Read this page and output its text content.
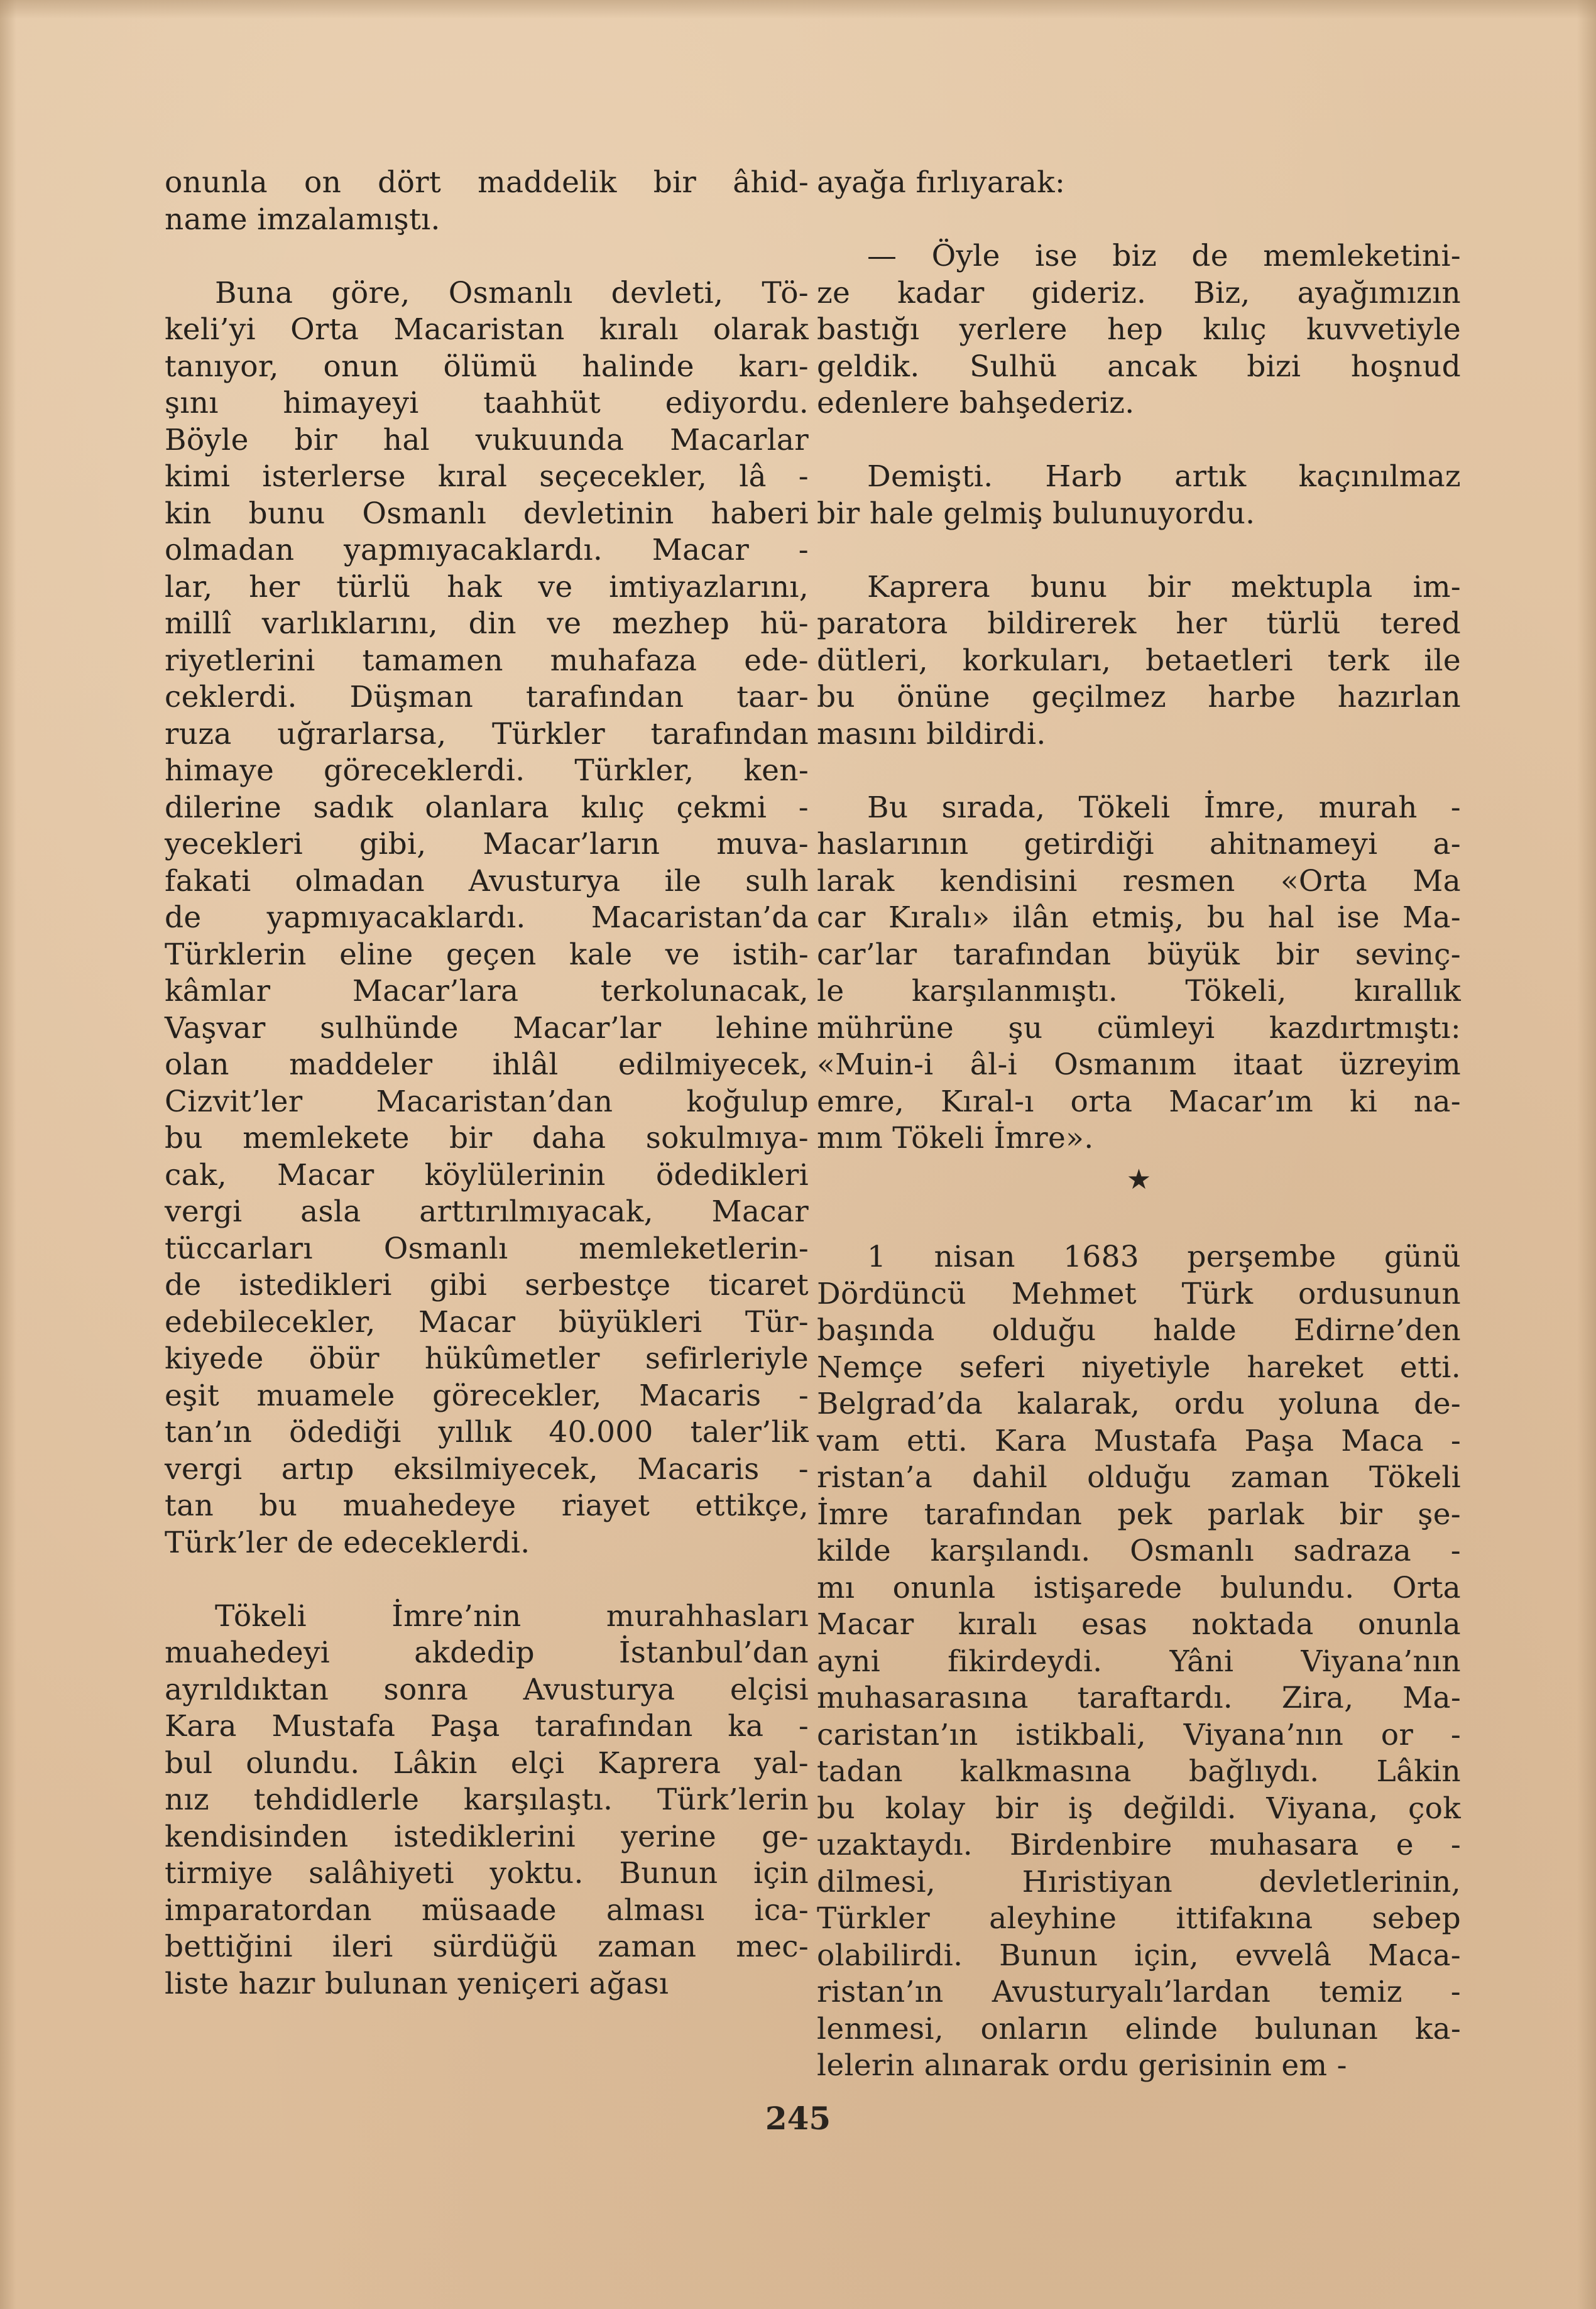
onunla on dört maddelik bir âhid-
name imzalamıştı.
Buna göre, Osmanlı devleti, Tö-
keli’yi Orta Macaristan kıralı olarak
tanıyor, onun ölümü halinde karı-
şını himayeyi taahhüt ediyordu.
Böyle bir hal vukuunda Macarlar
kimi isterlerse kıral seçecekler, lâ -
kin bunu Osmanlı devletinin haberi
olmadan yapmıyacaklardı. Macar -
lar, her türlü hak ve imtiyazlarını,
millî varlıklarını, din ve mezhep hü-
riyetlerini tamamen muhafaza ede-
ceklerdi. Düşman tarafından taar-
ruza uğrarlarsa, Türkler tarafından
himaye göreceklerdi. Türkler, ken-
dilerine sadık olanlara kılıç çekmi -
yecekleri gibi, Macar’ların muva-
fakati olmadan Avusturya ile sulh
de yapmıyacaklardı. Macaristan’da
Türklerin eline geçen kale ve istih-
kâmlar Macar’lara terkolunacak,
Vaşvar sulhünde Macar’lar lehine
olan maddeler ihlâl edilmiyecek,
Cizvit’ler Macaristan’dan koğulup
bu memlekete bir daha sokulmıya-
cak, Macar köylülerinin ödedikleri
vergi asla arttırılmıyacak, Macar
tüccarları Osmanlı memleketlerin-
de istedikleri gibi serbestçe ticaret
edebilecekler, Macar büyükleri Tür-
kiyede öbür hükûmetler sefirleriyle
eşit muamele görecekler, Macaris -
tan’ın ödediği yıllık 40.000 taler’lik
vergi artıp eksilmiyecek, Macaris -
tan bu muahedeye riayet ettikçe,
Türk’ler de edeceklerdi.
Tökeli İmre’nin murahhasları
muahedeyi akdedip İstanbul’dan
ayrıldıktan sonra Avusturya elçisi
Kara Mustafa Paşa tarafından ka -
bul olundu. Lâkin elçi Kaprera yal-
nız tehdidlerle karşılaştı. Türk’lerin
kendisinden istediklerini yerine ge-
tirmiye salâhiyeti yoktu. Bunun için
imparatordan müsaade alması ica-
bettiğini ileri sürdüğü zaman mec-
liste hazır bulunan yeniçeri ağası
ayağa fırlıyarak:
— Öyle ise biz de memleketini-
ze kadar gideriz. Biz, ayağımızın
bastığı yerlere hep kılıç kuvvetiyle
geldik. Sulhü ancak bizi hoşnud
edenlere bahşederiz.
Demişti. Harb artık kaçınılmaz
bir hale gelmiş bulunuyordu.
Kaprera bunu bir mektupla im-
paratora bildirerek her türlü tered
dütleri, korkuları, betaetleri terk ile
bu önüne geçilmez harbe hazırlan
masını bildirdi.
Bu sırada, Tökeli İmre, murah -
haslarının getirdiği ahitnameyi a-
larak kendisini resmen «Orta Ma
car Kıralı» ilân etmiş, bu hal ise Ma-
car’lar tarafından büyük bir sevinç-
le karşılanmıştı. Tökeli, kırallık
mührüne şu cümleyi kazdırtmıştı:
«Muin-i âl-i Osmanım itaat üzreyim
emre, Kıral-ı orta Macar’ım ki na-
mım Tökeli İmre».
★
1 nisan 1683 perşembe günü
Dördüncü Mehmet Türk ordusunun
başında olduğu halde Edirne’den
Nemçe seferi niyetiyle hareket etti.
Belgrad’da kalarak, ordu yoluna de-
vam etti. Kara Mustafa Paşa Maca -
ristan’a dahil olduğu zaman Tökeli
İmre tarafından pek parlak bir şe-
kilde karşılandı. Osmanlı sadraza -
mı onunla istişarede bulundu. Orta
Macar kıralı esas noktada onunla
ayni fikirdeydi. Yâni Viyana’nın
muhasarasına taraftardı. Zira, Ma-
caristan’ın istikbali, Viyana’nın or -
tadan kalkmasına bağlıydı. Lâkin
bu kolay bir iş değildi. Viyana, çok
uzaktaydı. Birdenbire muhasara e -
dilmesi, Hıristiyan devletlerinin,
Türkler aleyhine ittifakına sebep
olabilirdi. Bunun için, evvelâ Maca-
ristan’ın Avusturyalı’lardan temiz -
lenmesi, onların elinde bulunan ka-
lelerin alınarak ordu gerisinin em -
245
